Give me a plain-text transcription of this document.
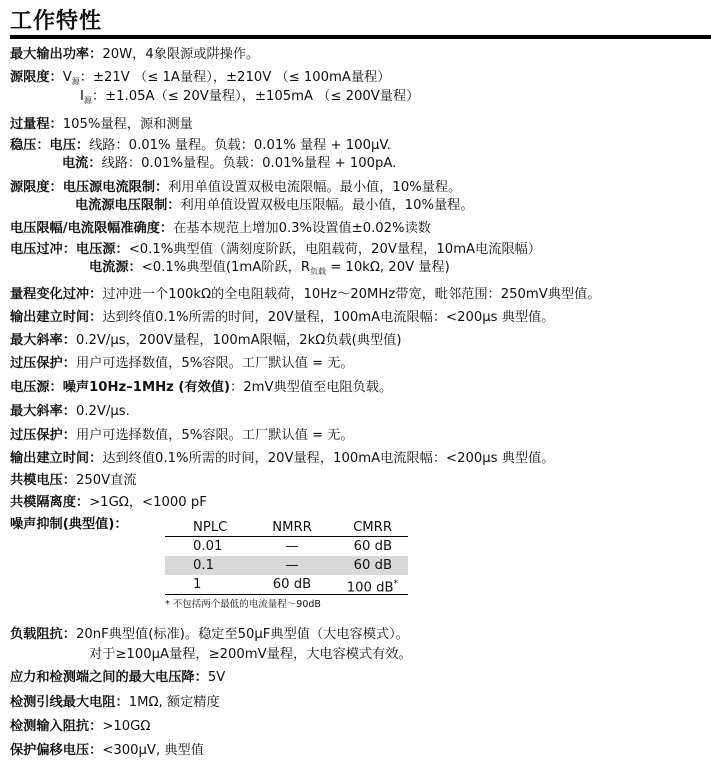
工作特性
最大输出功率：20W，4象限源或阱操作。
源限度：$V_源$：±21V （≤ 1A量程），±210V （≤ 100mA量程）
$I_源$：±1.05A（≤ 20V量程），±105mA （≤ 200V量程）
过量程：105%量程，源和测量
稳压：电压：线路：0.01% 量程。负载：0.01% 量程 + 100μV.
电流：线路：0.01%量程。负载：0.01%量程 + 100pA.
源限度：电压源电流限制：利用单值设置双极电流限幅。最小值，10%量程。
电流源电压限制：利用单值设置双极电压限幅。最小值，10%量程。
电压限幅/电流限幅准确度：在基本规范上增加0.3%设置值±0.02%读数
电压过冲：电压源：<0.1%典型值（满刻度阶跃，电阻载荷，20V量程，10mA电流限幅）
电流源：<0.1%典型值(1mA阶跃，$R_{负载} = 10k\Omega$, 20V 量程)
量程变化过冲：过冲进一个100kΩ的全电阻载荷，10Hz～20MHz带宽，毗邻范围：250mV典型值。
输出建立时间：达到终值0.1%所需的时间，20V量程，100mA电流限幅：<200μs 典型值。
最大斜率：0.2V/μs，200V量程，100mA限幅，2kΩ负载(典型值)
过压保护：用户可选择数值，5%容限。工厂默认值 = 无。
电压源：噪声10Hz–1MHz (有效值)：2mV典型值至电阻负载。
最大斜率：0.2V/μs.
过压保护：用户可选择数值，5%容限。工厂默认值 = 无。
输出建立时间：达到终值0.1%所需的时间，20V量程，100mA电流限幅：<200μs 典型值。
共模电压：250V直流
共模隔离度：>1GΩ，<1000 pF
噪声抑制(典型值)：	NPLC	NMRR	CMRR
0.01	—	60 dB
0.1	—	60 dB
1	60 dB	100 dB*
* 不包括两个最低的电流量程～90dB
负载阻抗：20nF典型值(标准)。稳定至50μF典型值（大电容模式）。
对于≥100μA量程，≥200mV量程，大电容模式有效。
应力和检测端之间的最大电压降：5V
检测引线最大电阻：1MΩ, 额定精度
检测输入阻抗：>10GΩ
保护偏移电压：<300μV, 典型值
